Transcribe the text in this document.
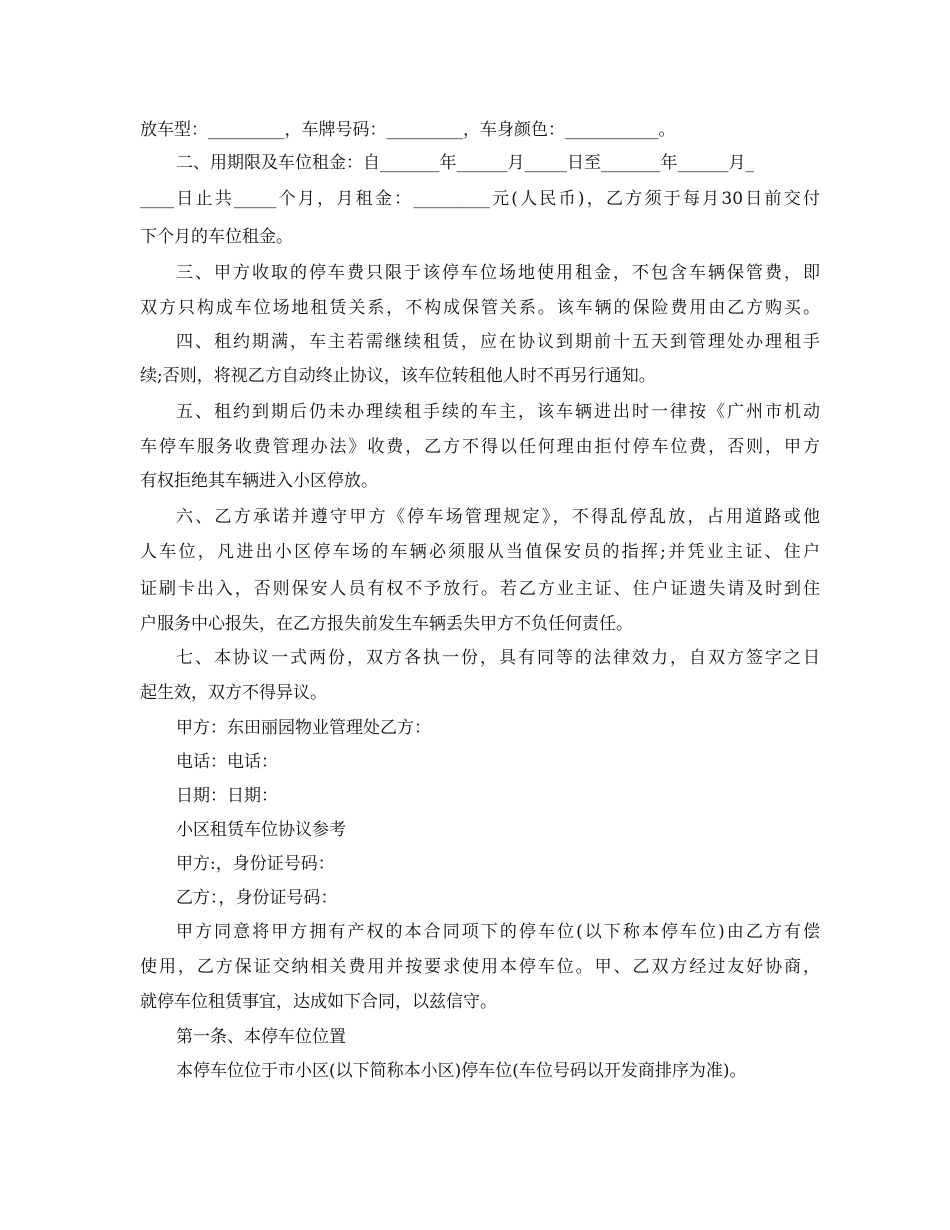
放车型：_________，车牌号码：_________，车身颜色：___________。
二、用期限及车位租金：自_______年______月_____日至_______年______月_
____日止共_____个月，月租金：_________元(人民币)，乙方须于每月30日前交付
下个月的车位租金。
三、甲方收取的停车费只限于该停车位场地使用租金，不包含车辆保管费，即
双方只构成车位场地租赁关系，不构成保管关系。该车辆的保险费用由乙方购买。
四、租约期满，车主若需继续租赁，应在协议到期前十五天到管理处办理租手
续;否则，将视乙方自动终止协议，该车位转租他人时不再另行通知。
五、租约到期后仍未办理续租手续的车主，该车辆进出时一律按《广州市机动
车停车服务收费管理办法》收费，乙方不得以任何理由拒付停车位费，否则，甲方
有权拒绝其车辆进入小区停放。
六、乙方承诺并遵守甲方《停车场管理规定》，不得乱停乱放，占用道路或他
人车位，凡进出小区停车场的车辆必须服从当值保安员的指挥;并凭业主证、住户
证刷卡出入，否则保安人员有权不予放行。若乙方业主证、住户证遗失请及时到住
户服务中心报失，在乙方报失前发生车辆丢失甲方不负任何责任。
七、本协议一式两份，双方各执一份，具有同等的法律效力，自双方签字之日
起生效，双方不得异议。
甲方：东田丽园物业管理处乙方：
电话：电话：
日期：日期：
小区租赁车位协议参考
甲方:，身份证号码：
乙方：，身份证号码：
甲方同意将甲方拥有产权的本合同项下的停车位(以下称本停车位)由乙方有偿
使用，乙方保证交纳相关费用并按要求使用本停车位。甲、乙双方经过友好协商，
就停车位租赁事宜，达成如下合同，以兹信守。
第一条、本停车位位置
本停车位位于市小区(以下简称本小区)停车位(车位号码以开发商排序为准)。
